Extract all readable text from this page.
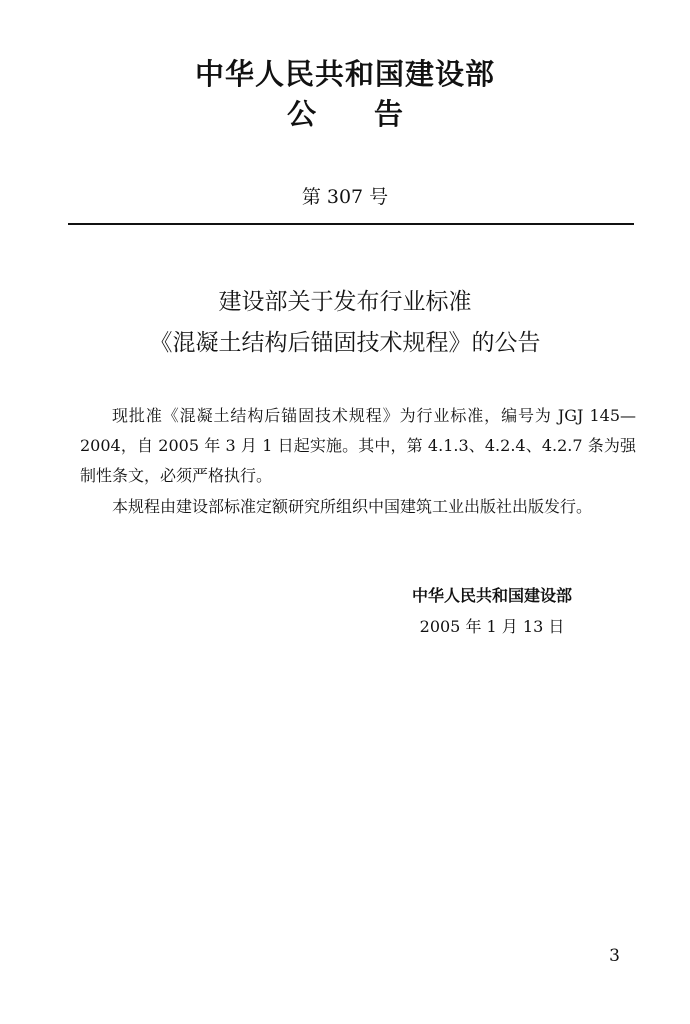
中华人民共和国建设部
公告
第 307 号
建设部关于发布行业标准
《混凝土结构后锚固技术规程》的公告
现批准《混凝土结构后锚固技术规程》为行业标准，编号为 JGJ 145—2004，自 2005 年 3 月 1 日起实施。其中，第 4.1.3、4.2.4、4.2.7 条为强制性条文，必须严格执行。
本规程由建设部标准定额研究所组织中国建筑工业出版社出版发行。
中华人民共和国建设部
2005 年 1 月 13 日
3
